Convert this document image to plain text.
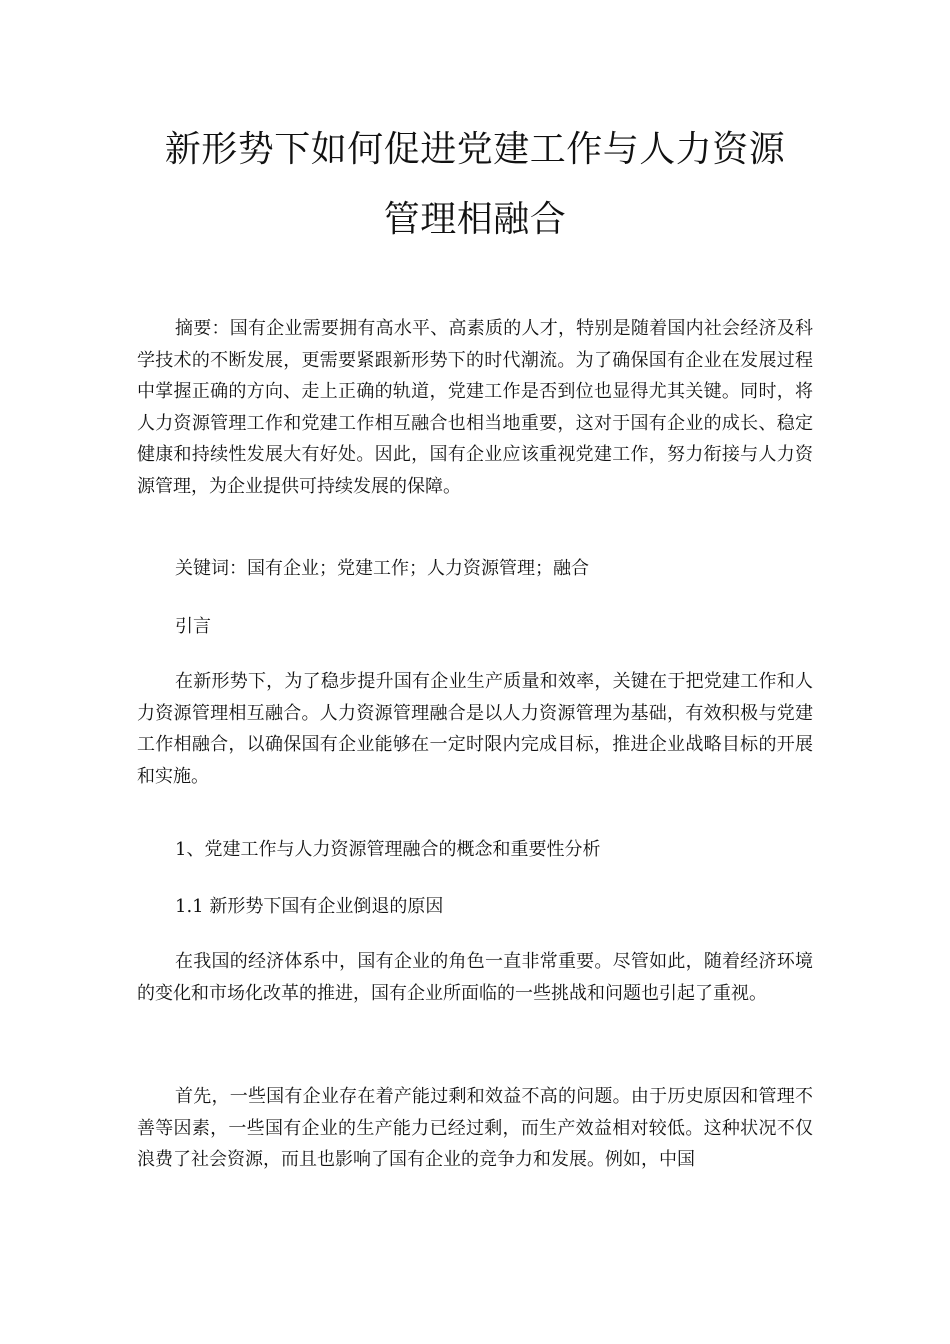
新形势下如何促进党建工作与人力资源
管理相融合

摘要：国有企业需要拥有高水平、高素质的人才，特别是随着国内社会经济及科学技术的不断发展，更需要紧跟新形势下的时代潮流。为了确保国有企业在发展过程中掌握正确的方向、走上正确的轨道，党建工作是否到位也显得尤其关键。同时，将人力资源管理工作和党建工作相互融合也相当地重要，这对于国有企业的成长、稳定健康和持续性发展大有好处。因此，国有企业应该重视党建工作，努力衔接与人力资源管理，为企业提供可持续发展的保障。

关键词：国有企业；党建工作；人力资源管理；融合

引言

在新形势下，为了稳步提升国有企业生产质量和效率，关键在于把党建工作和人力资源管理相互融合。人力资源管理融合是以人力资源管理为基础，有效积极与党建工作相融合，以确保国有企业能够在一定时限内完成目标，推进企业战略目标的开展和实施。

1、党建工作与人力资源管理融合的概念和重要性分析

1.1 新形势下国有企业倒退的原因

在我国的经济体系中，国有企业的角色一直非常重要。尽管如此，随着经济环境的变化和市场化改革的推进，国有企业所面临的一些挑战和问题也引起了重视。

首先，一些国有企业存在着产能过剩和效益不高的问题。由于历史原因和管理不善等因素，一些国有企业的生产能力已经过剩，而生产效益相对较低。这种状况不仅浪费了社会资源，而且也影响了国有企业的竞争力和发展。例如，中国
